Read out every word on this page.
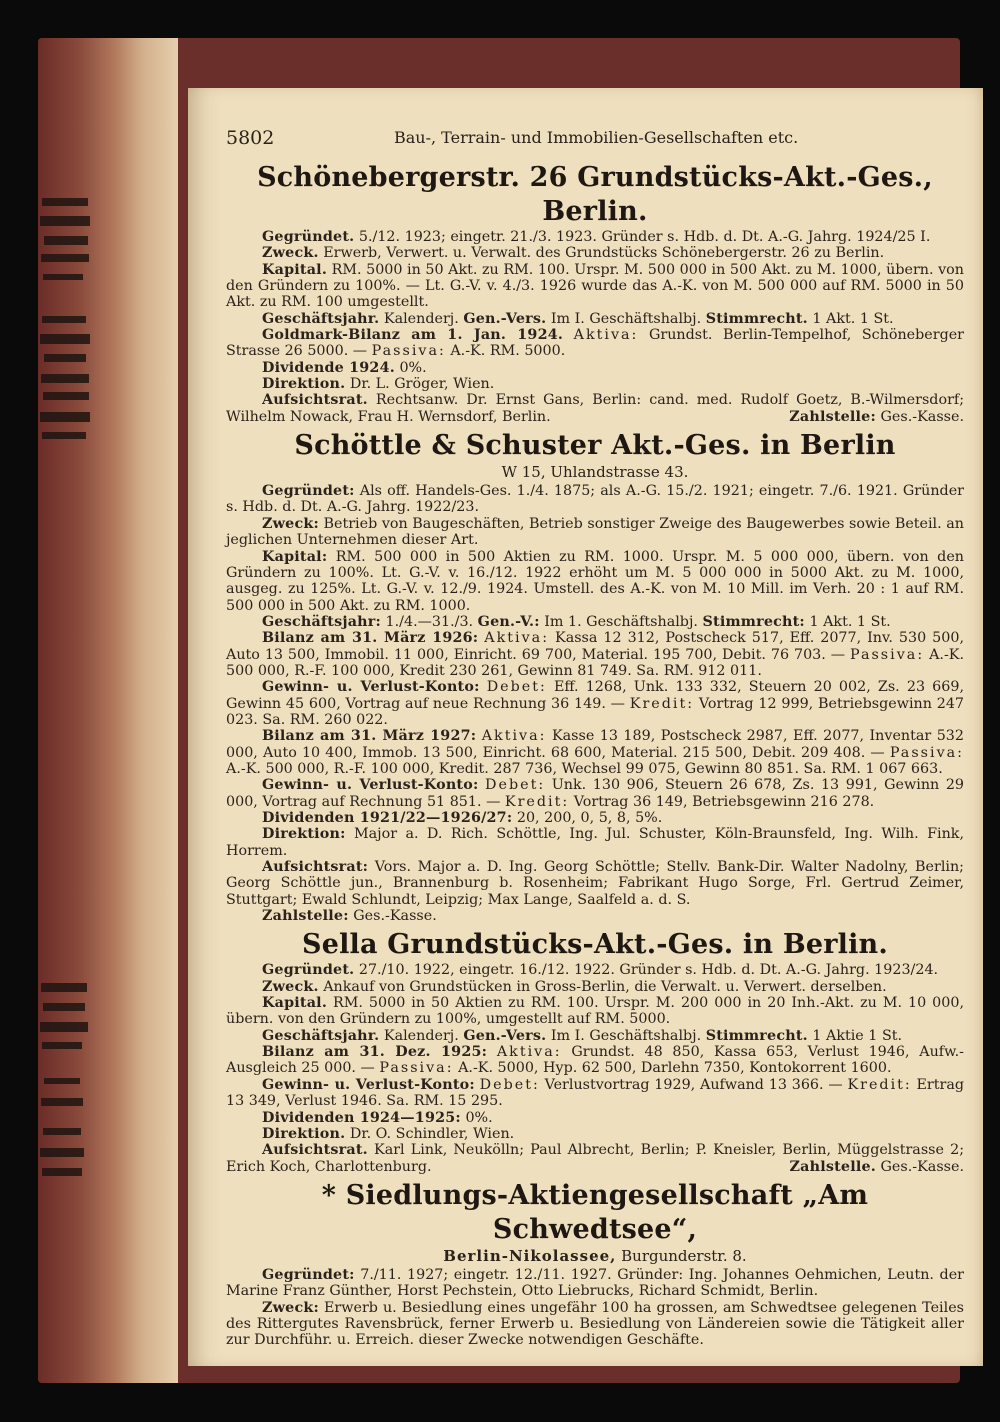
5802	Bau-, Terrain- und Immobilien-Gesellschaften etc.
Schönebergerstr. 26 Grundstücks-Akt.-Ges., Berlin.

Gegründet. 5./12. 1923; eingetr. 21./3. 1923. Gründer s. Hdb. d. Dt. A.-G. Jahrg. 1924/25 I.

Zweck. Erwerb, Verwert. u. Verwalt. des Grundstücks Schönebergerstr. 26 zu Berlin.

Kapital. RM. 5000 in 50 Akt. zu RM. 100. Urspr. M. 500 000 in 500 Akt. zu M. 1000, übern. von den Gründern zu 100%. — Lt. G.-V. v. 4./3. 1926 wurde das A.-K. von M. 500 000 auf RM. 5000 in 50 Akt. zu RM. 100 umgestellt.

Geschäftsjahr. Kalenderj. Gen.-Vers. Im I. Geschäftshalbj. Stimmrecht. 1 Akt. 1 St.

Goldmark-Bilanz am 1. Jan. 1924. Aktiva: Grundst. Berlin-Tempelhof, Schöneberger Strasse 26 5000. — Passiva: A.-K. RM. 5000.

Dividende 1924. 0%.

Direktion. Dr. L. Gröger, Wien.

Aufsichtsrat. Rechtsanw. Dr. Ernst Gans, Berlin: cand. med. Rudolf Goetz, B.-Wilmersdorf; Wilhelm Nowack, Frau H. Wernsdorf, Berlin.	Zahlstelle: Ges.-Kasse.

Schöttle & Schuster Akt.-Ges. in Berlin
W 15, Uhlandstrasse 43.

Gegründet: Als off. Handels-Ges. 1./4. 1875; als A.-G. 15./2. 1921; eingetr. 7./6. 1921. Gründer s. Hdb. d. Dt. A.-G. Jahrg. 1922/23.

Zweck: Betrieb von Baugeschäften, Betrieb sonstiger Zweige des Baugewerbes sowie Beteil. an jeglichen Unternehmen dieser Art.

Kapital: RM. 500 000 in 500 Aktien zu RM. 1000. Urspr. M. 5 000 000, übern. von den Gründern zu 100%. Lt. G.-V. v. 16./12. 1922 erhöht um M. 5 000 000 in 5000 Akt. zu M. 1000, ausgeg. zu 125%. Lt. G.-V. v. 12./9. 1924. Umstell. des A.-K. von M. 10 Mill. im Verh. 20 : 1 auf RM. 500 000 in 500 Akt. zu RM. 1000.

Geschäftsjahr: 1./4.—31./3. Gen.-V.: Im 1. Geschäftshalbj. Stimmrecht: 1 Akt. 1 St.

Bilanz am 31. März 1926: Aktiva: Kassa 12 312, Postscheck 517, Eff. 2077, Inv. 530 500, Auto 13 500, Immobil. 11 000, Einricht. 69 700, Material. 195 700, Debit. 76 703. — Passiva: A.-K. 500 000, R.-F. 100 000, Kredit 230 261, Gewinn 81 749. Sa. RM. 912 011.

Gewinn- u. Verlust-Konto: Debet: Eff. 1268, Unk. 133 332, Steuern 20 002, Zs. 23 669, Gewinn 45 600, Vortrag auf neue Rechnung 36 149. — Kredit: Vortrag 12 999, Betriebsgewinn 247 023. Sa. RM. 260 022.

Bilanz am 31. März 1927: Aktiva: Kasse 13 189, Postscheck 2987, Eff. 2077, Inventar 532 000, Auto 10 400, Immob. 13 500, Einricht. 68 600, Material. 215 500, Debit. 209 408. — Passiva: A.-K. 500 000, R.-F. 100 000, Kredit. 287 736, Wechsel 99 075, Gewinn 80 851. Sa. RM. 1 067 663.

Gewinn- u. Verlust-Konto: Debet: Unk. 130 906, Steuern 26 678, Zs. 13 991, Gewinn 29 000, Vortrag auf Rechnung 51 851. — Kredit: Vortrag 36 149, Betriebsgewinn 216 278.

Dividenden 1921/22—1926/27: 20, 200, 0, 5, 8, 5%.

Direktion: Major a. D. Rich. Schöttle, Ing. Jul. Schuster, Köln-Braunsfeld, Ing. Wilh. Fink, Horrem.

Aufsichtsrat: Vors. Major a. D. Ing. Georg Schöttle; Stellv. Bank-Dir. Walter Nadolny, Berlin; Georg Schöttle jun., Brannenburg b. Rosenheim; Fabrikant Hugo Sorge, Frl. Gertrud Zeimer, Stuttgart; Ewald Schlundt, Leipzig; Max Lange, Saalfeld a. d. S.

Zahlstelle: Ges.-Kasse.

Sella Grundstücks-Akt.-Ges. in Berlin.

Gegründet. 27./10. 1922, eingetr. 16./12. 1922. Gründer s. Hdb. d. Dt. A.-G. Jahrg. 1923/24.

Zweck. Ankauf von Grundstücken in Gross-Berlin, die Verwalt. u. Verwert. derselben.

Kapital. RM. 5000 in 50 Aktien zu RM. 100. Urspr. M. 200 000 in 20 Inh.-Akt. zu M. 10 000, übern. von den Gründern zu 100%, umgestellt auf RM. 5000.

Geschäftsjahr. Kalenderj. Gen.-Vers. Im I. Geschäftshalbj. Stimmrecht. 1 Aktie 1 St.

Bilanz am 31. Dez. 1925: Aktiva: Grundst. 48 850, Kassa 653, Verlust 1946, Aufw.-Ausgleich 25 000. — Passiva: A.-K. 5000, Hyp. 62 500, Darlehn 7350, Kontokorrent 1600.

Gewinn- u. Verlust-Konto: Debet: Verlustvortrag 1929, Aufwand 13 366. — Kredit: Ertrag 13 349, Verlust 1946. Sa. RM. 15 295.

Dividenden 1924—1925: 0%.

Direktion. Dr. O. Schindler, Wien.

Aufsichtsrat. Karl Link, Neukölln; Paul Albrecht, Berlin; P. Kneisler, Berlin, Müggelstrasse 2; Erich Koch, Charlottenburg.	Zahlstelle. Ges.-Kasse.

* Siedlungs-Aktiengesellschaft „Am Schwedtsee“,
Berlin-Nikolassee, Burgunderstr. 8.

Gegründet: 7./11. 1927; eingetr. 12./11. 1927. Gründer: Ing. Johannes Oehmichen, Leutn. der Marine Franz Günther, Horst Pechstein, Otto Liebrucks, Richard Schmidt, Berlin.

Zweck: Erwerb u. Besiedlung eines ungefähr 100 ha grossen, am Schwedtsee gelegenen Teiles des Rittergutes Ravensbrück, ferner Erwerb u. Besiedlung von Ländereien sowie die Tätigkeit aller zur Durchführ. u. Erreich. dieser Zwecke notwendigen Geschäfte.
